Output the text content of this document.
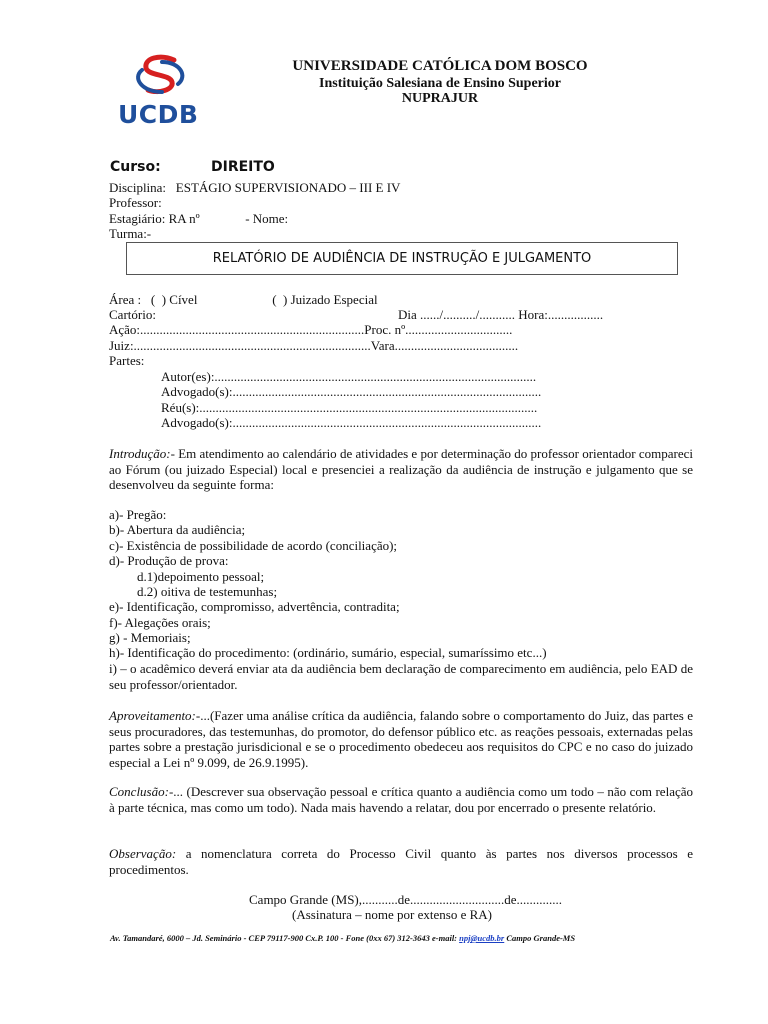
UCDB
UNIVERSIDADE CATÓLICA DOM BOSCO
Instituição Salesiana de Ensino Superior
NUPRAJUR
Curso:	DIREITO
Disciplina:   ESTÁGIO SUPERVISIONADO – III E IV
Professor:
Estagiário: RA nº              - Nome:
Turma:-
RELATÓRIO DE AUDIÊNCIA DE INSTRUÇÃO E JULGAMENTO
Área :   (  ) Cível                       (  ) Juizado Especial
Cartório:	Dia ....../........../........... Hora:.................
Ação:.....................................................................Proc. nº.................................
Juiz:.........................................................................Vara......................................
Partes:
Autor(es):...................................................................................................
Advogado(s):...............................................................................................
Réu(s):........................................................................................................
Advogado(s):...............................................................................................
Introdução:- Em atendimento ao calendário de atividades e por determinação do professor orientador compareci ao Fórum (ou juizado Especial) local e presenciei a realização da audiência de instrução e julgamento que se desenvolveu da seguinte forma:
a)- Pregão:
b)- Abertura da audiência;
c)- Existência de possibilidade de acordo (conciliação);
d)- Produção de prova:
d.1)depoimento pessoal;
d.2) oitiva de testemunhas;
e)- Identificação, compromisso, advertência, contradita;
f)- Alegações orais;
g) - Memoriais;
h)- Identificação do procedimento: (ordinário, sumário, especial, sumaríssimo etc...)
i) – o acadêmico deverá enviar ata da audiência bem declaração de comparecimento em audiência, pelo EAD de seu professor/orientador.
Aproveitamento:-...(Fazer uma análise crítica da audiência, falando sobre o comportamento do Juiz, das partes e seus procuradores, das testemunhas, do promotor, do defensor público etc. as reações pessoais, externadas pelas partes sobre a prestação jurisdicional e se o procedimento obedeceu aos requisitos do CPC e no caso do juizado especial a Lei nº 9.099, de 26.9.1995).
Conclusão:-... (Descrever sua observação pessoal e crítica quanto a audiência como um todo – não com relação à parte técnica, mas como um todo). Nada mais havendo a relatar, dou por encerrado o presente relatório.
Observação: a nomenclatura correta do Processo Civil quanto às partes nos diversos processos e procedimentos.
Campo Grande (MS),...........de.............................de..............
(Assinatura – nome por extenso e RA)
Av. Tamandaré, 6000 – Jd. Seminário - CEP 79117-900 Cx.P. 100 - Fone (0xx 67) 312-3643 e-mail: npj@ucdb.br Campo Grande-MS
